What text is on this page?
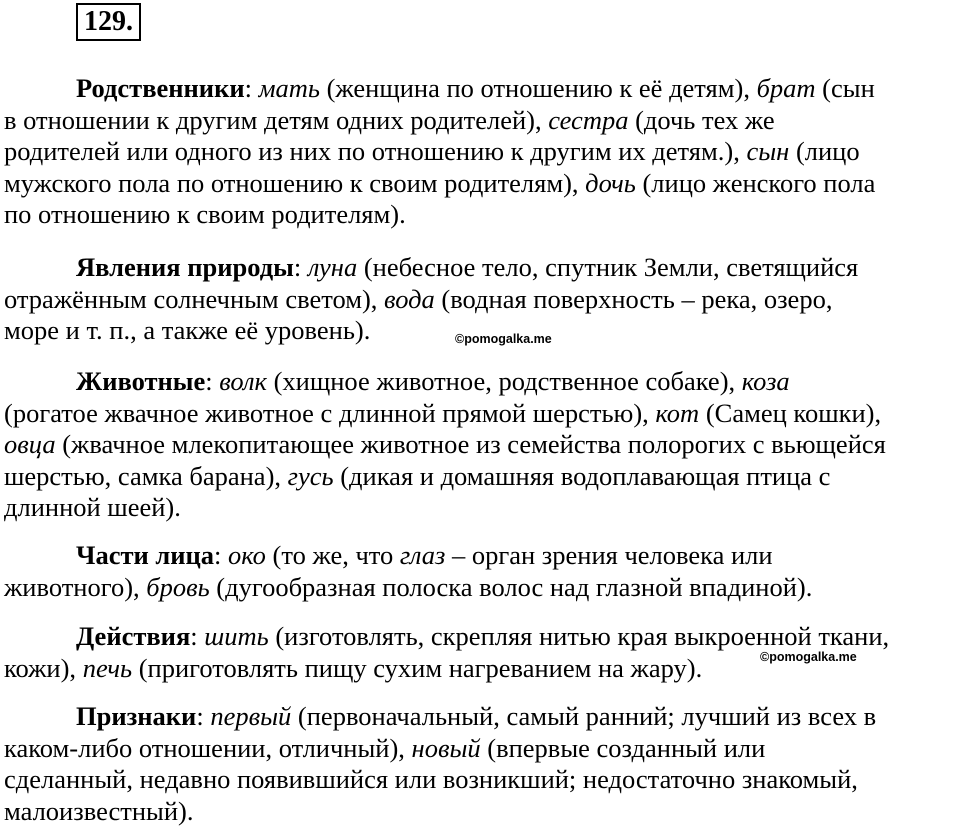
129.

Родственники: мать (женщина по отношению к её детям), брат (сын
в отношении к другим детям одних родителей), сестра (дочь тех же
родителей или одного из них по отношению к другим их детям.), сын (лицо
мужского пола по отношению к своим родителям), дочь (лицо женского пола
по отношению к своим родителям).

Явления природы: луна (небесное тело, спутник Земли, светящийся
отражённым солнечным светом), вода (водная поверхность – река, озеро,
море и т. п., а также её уровень).

Животные: волк (хищное животное, родственное собаке), коза
(рогатое жвачное животное с длинной прямой шерстью), кот (Самец кошки),
овца (жвачное млекопитающее животное из семейства полорогих с вьющейся
шерстью, самка барана), гусь (дикая и домашняя водоплавающая птица с
длинной шеей).

Части лица: око (то же, что глаз – орган зрения человека или
животного), бровь (дугообразная полоска волос над глазной впадиной).

Действия: шить (изготовлять, скрепляя нитью края выкроенной ткани,
кожи), печь (приготовлять пищу сухим нагреванием на жару).

Признаки: первый (первоначальный, самый ранний; лучший из всех в
каком-либо отношении, отличный), новый (впервые созданный или
сделанный, недавно появившийся или возникший; недостаточно знакомый,
малоизвестный).

©pomogalka.me
©pomogalka.me
